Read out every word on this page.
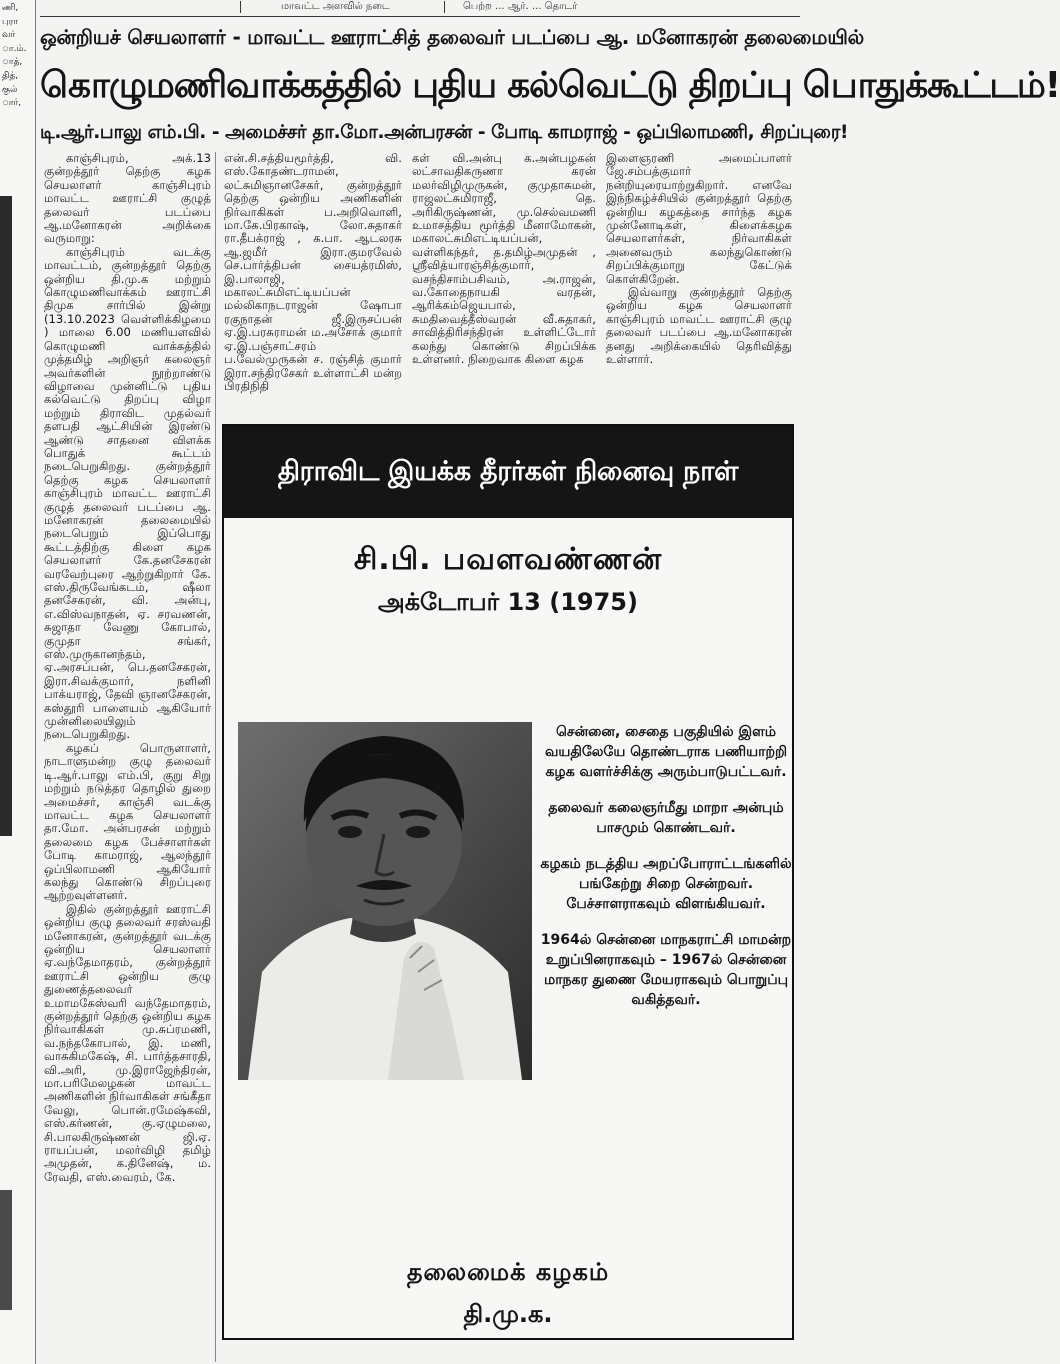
ணி,
புரா
வர்
ா.ம்.
ாத்,
தித்,
குல்
ார்,
மாவட்ட அளவில் நடை	பெற்ற ... ஆர். ... தொடர்
ஒன்றியச் செயலாளர் - மாவட்ட ஊராட்சித் தலைவர் படப்பை ஆ. மனோகரன் தலைமையில்
கொழுமணிவாக்கத்தில் புதிய கல்வெட்டு திறப்பு பொதுக்கூட்டம்!
டி.ஆர்.பாலு எம்.பி. - அமைச்சர் தா.மோ.அன்பரசன் - போடி காமராஜ் - ஒப்பிலாமணி, சிறப்புரை!

காஞ்சிபுரம், அக்.13 குன்றத்தூர் தெற்கு கழக செயலாளர் காஞ்சிபுரம் மாவட்ட ஊராட்சி குழுத் தலைவர் படப்பை ஆ.மனோகரன் அறிக்கை வருமாறு:

காஞ்சிபுரம் வடக்கு மாவட்டம், குன்றத்தூர் தெற்கு ஒன்றிய தி.மு.க மற்றும் கொழுமணிவாக்கம் ஊராட்சி திமுக சார்பில் இன்று (13.10.2023 வெள்ளிக்கிழமை ) மாலை 6.00 மணியளவில் கொழுமணி வாக்கத்தில் முத்தமிழ் அறிஞர் கலைஞர் அவர்களின் நூற்றாண்டு விழாவை முன்னிட்டு புதிய கல்வெட்டு திறப்பு விழா மற்றும் திராவிட முதல்வர் தளபதி ஆட்சியின் இரண்டு ஆண்டு சாதனை விளக்க பொதுக் கூட்டம் நடைபெறுகிறது. குன்றத்தூர் தெற்கு கழக செயலாளர் காஞ்சிபுரம் மாவட்ட ஊராட்சி குழுத் தலைவர் படப்பை ஆ. மனோகரன் தலைமையில் நடைபெறும் இப்பொது கூட்டத்திற்கு கிளை கழக செயலாளர் கே.தனசேகரன் வரவேற்புரை ஆற்றுகிறார் கே. எஸ்.திருவேங்கடம், ஷீலா தனசேகரன், வி. அன்பு, எ.விஸ்வநாதன், ஏ. சரவணன், சுஜாதா வேணு கோபால், குமுதா சங்கர், எஸ்.முருகானந்தம், ஏ.அரசப்பன், பெ.தனசேகரன், இரா.சிவக்குமார், நளினி பாக்யராஜ், தேவி ஞானசேகரன், கஸ்தூரி பாளையம் ஆகியோர் முன்னிலையிலும் நடைபெறுகிறது.

கழகப் பொருளாளர், நாடாளுமன்ற குழு தலைவர் டி.ஆர்.பாலு எம்.பி, குறு சிறு மற்றும் நடுத்தர தொழில் துறை அமைச்சர், காஞ்சி வடக்கு மாவட்ட கழக செயலாளர் தா.மோ. அன்பரசன் மற்றும் தலைமை கழக பேச்சாளர்கள் போடி காமராஜ், ஆலந்தூர் ஒப்பிலாமணி ஆகியோர் கலந்து கொண்டு சிறப்புரை ஆற்றவுள்ளனர்.

இதில் குன்றத்தூர் ஊராட்சி ஒன்றிய குழு தலைவர் சரஸ்வதி மனோகரன், குன்றத்தூர் வடக்கு ஒன்றிய செயலாளர் ஏ.வந்தேமாதரம், குன்றத்தூர் ஊராட்சி ஒன்றிய குழு துணைத்தலைவர் உமாமகேஸ்வரி வந்தேமாதரம், குன்றத்தூர் தெற்கு ஒன்றிய கழக நிர்வாகிகள் மு.சுப்ரமணி, வ.நந்தகோபால், இ. மணி, வாசுகிமகேஷ், சி. பார்த்தசாரதி, வி.அரி, மு.இராஜேந்திரன், மா.பரிமேலழகன் மாவட்ட அணிகளின் நிர்வாகிகள் சங்கீதா வேலு, பொன்.ரமேஷ்கவி, எஸ்.கர்ணன், கு.ஏழுமலை, சி.பாலகிருஷ்ணன் ஜி.ஏ. ராயப்பன், மலர்விழி தமிழ் அமுதன், க.தினேஷ், ம. ரேவதி, எஸ்.வைரம், கே.

என்.சி.சத்தியமூர்த்தி, வி. எஸ்.கோதண்டராமன், லட்சுமிஞானசேகர், குன்றத்தூர் தெற்கு ஒன்றிய அணிகளின் நிர்வாகிகள் ப.அறிவொளி, மா.கே.பிரகாஷ், லோ.சுதாகர் ரா.தீபக்ராஜ் , க.பா. ஆடலரசு ஆ.ஜமீர் இரா.குமரவேல் செ.பார்த்திபன் சையத்ரமிஸ், இ.பாலாஜி, மகாலட்சுமிஎட்டியப்பன் மல்லிகாநடராஜன் ஷோபா ரகுநாதன் ஜீ.இருசப்பன் ஏ.இ.பரசுராமன் ம.அசோக் குமார் ஏ.இ.பஞ்சாட்சரம் ப.வேல்முருகன் ச. ரஞ்சித் குமார் இரா.சந்திரசேகர் உள்ளாட்சி மன்ற பிரதிநிதி

கள் வி.அன்பு க.அன்பழகன் லட்சாவதிகருணா கரன் மலர்விழிமுருகன், குமுதாசுமன், ராஜலட்சுமிராஜீ, தெ. அரிகிருஷ்ணன், மு.செல்வமணி உமாசத்திய மூர்த்தி மீனாமோகன், மகாலட்சுமிஎட்டியப்பன், வள்ளிகந்தர், த.தமிழ்அமுதன் , ஸ்ரீவித்யாரஞ்சித்குமார், வசந்திசாம்பசிவம், அ.ராஜன், வ.கோதைநாயகி வரதன், ஆரிக்கம்ஜெயபால், சுமதிவைத்தீஸ்வரன் வீ.சுதாகர், சாவித்திரிசந்திரன் உள்ளிட்டோர் கலந்து கொண்டு சிறப்பிக்க உள்ளனர். நிறைவாக கிளை கழக

இளைஞரணி அமைப்பாளர் ஜே.சம்பத்குமார் நன்றியுரையாற்றுகிறார். எனவே இந்நிகழ்ச்சியில் குன்றத்தூர் தெற்கு ஒன்றிய கழகத்தை சார்ந்த கழக முன்னோடிகள், கிளைக்கழக செயலாளர்கள், நிர்வாகிகள் அனைவரும் கலந்துகொண்டு சிறப்பிக்குமாறு கேட்டுக் கொள்கிறேன்.

இவ்வாறு குன்றத்தூர் தெற்கு ஒன்றிய கழக செயலாளர் காஞ்சிபுரம் மாவட்ட ஊராட்சி குழு தலைவர் படப்பை ஆ.மனோகரன் தனது அறிக்கையில் தெரிவித்து உள்ளார்.

திராவிட இயக்க தீரர்கள் நினைவு நாள்
சி.பி. பவளவண்ணன்
அக்டோபர் 13 (1975)

சென்னை, சைதை பகுதியில் இளம் வயதிலேயே தொண்டராக பணியாற்றி கழக வளர்ச்சிக்கு அரும்பாடுபட்டவர்.

தலைவர் கலைஞர்மீது மாறா அன்பும் பாசமும் கொண்டவர்.

கழகம் நடத்திய அறப்போராட்டங்களில் பங்கேற்று சிறை சென்றவர். பேச்சாளராகவும் விளங்கியவர்.

1964ல் சென்னை மாநகராட்சி மாமன்ற உறுப்பினராகவும் – 1967ல் சென்னை மாநகர துணை மேயராகவும் பொறுப்பு வகித்தவர்.

தலைமைக் கழகம்
தி.மு.க.
